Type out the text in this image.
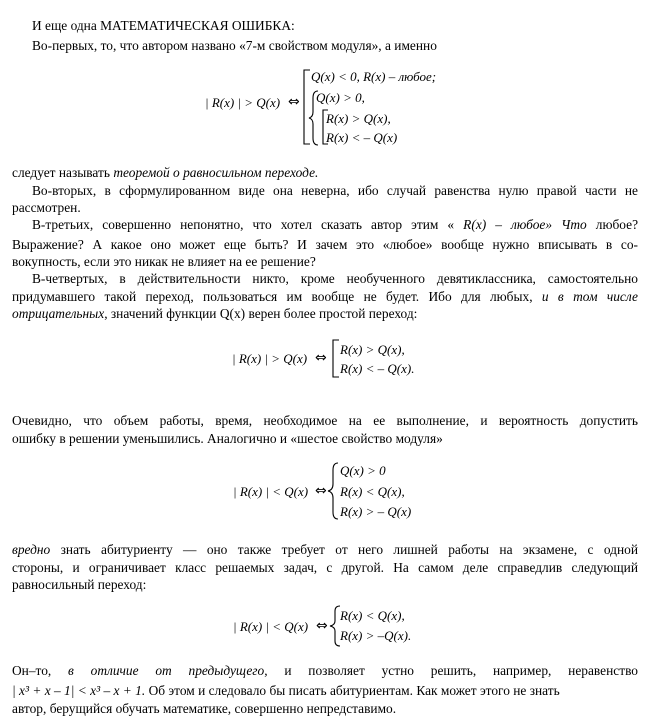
И еще одна МАТЕМАТИЧЕСКАЯ ОШИБКА:
Во-первых, то, что автором названо «7-м свойством модуля», а именно
| R(x) | > Q(x) ⇔
Q(x) < 0, R(x) – любое;
Q(x) > 0,
R(x) > Q(x),
R(x) < – Q(x)
следует называть теоремой о равносильном переходе.
Во-вторых, в сформулированном виде она неверна, ибо случай равенства нулю правой части не
рассмотрен.
В-третьих, совершенно непонятно, что хотел сказать автор этим « R(x) – любое» Что любое?
Выражение? А какое оно может еще быть? И зачем это «любое» вообще нужно вписывать в со-
вокупность, если это никак не влияет на ее решение?
В-четвертых, в действительности никто, кроме необученного девятиклассника, самостоятельно
придумавшего такой переход, пользоваться им вообще не будет. Ибо для любых, и в том числе
отрицательных, значений функции Q(x) верен более простой переход:
| R(x) | > Q(x) ⇔
R(x) > Q(x),
R(x) < – Q(x).
Очевидно, что объем работы, время, необходимое на ее выполнение, и вероятность допустить
ошибку в решении уменьшились. Аналогично и «шестое свойство модуля»
| R(x) | < Q(x) ⇔
Q(x) > 0
R(x) < Q(x),
R(x) > – Q(x)
вредно знать абитуриенту — оно также требует от него лишней работы на экзамене, с одной
стороны, и ограничивает класс решаемых задач, с другой. На самом деле справедлив следующий
равносильный переход:
| R(x) | < Q(x) ⇔
R(x) < Q(x),
R(x) > –Q(x).
Он–то, в отличие от предыдущего, и позволяет устно решить, например, неравенство
| x³ + x – 1| < x³ – x + 1. Об этом и следовало бы писать абитуриентам. Как может этого не знать
автор, берущийся обучать математике, совершенно непредставимо.
